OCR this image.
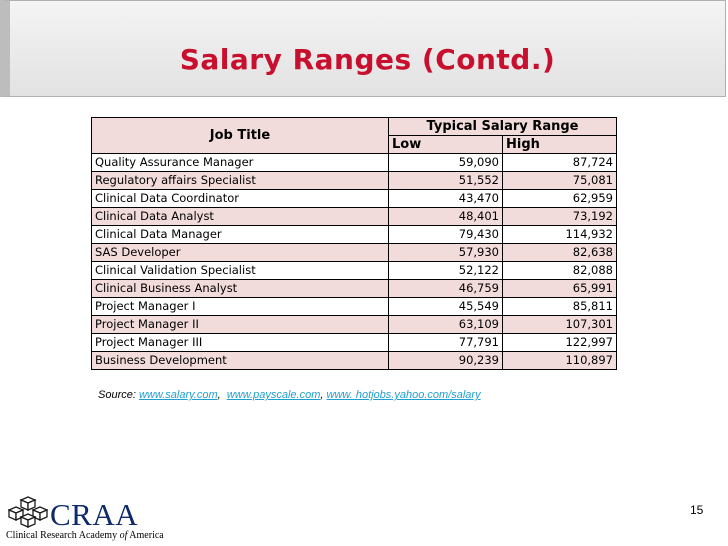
Salary Ranges (Contd.)
Job Title	Typical Salary Range	
	Low	High
Quality Assurance Manager	59,090	87,724
Regulatory affairs Specialist	51,552	75,081
Clinical Data Coordinator	43,470	62,959
Clinical Data Analyst	48,401	73,192
Clinical Data Manager	79,430	114,932
SAS Developer	57,930	82,638
Clinical Validation Specialist	52,122	82,088
Clinical Business Analyst	46,759	65,991
Project Manager I	45,549	85,811
Project Manager II	63,109	107,301
Project Manager III	77,791	122,997
Business Development	90,239	110,897
Source: www.salary.com, www.payscale.com, www. hotjobs.yahoo.com/salary
15
CRAA
Clinical Research Academy of America
